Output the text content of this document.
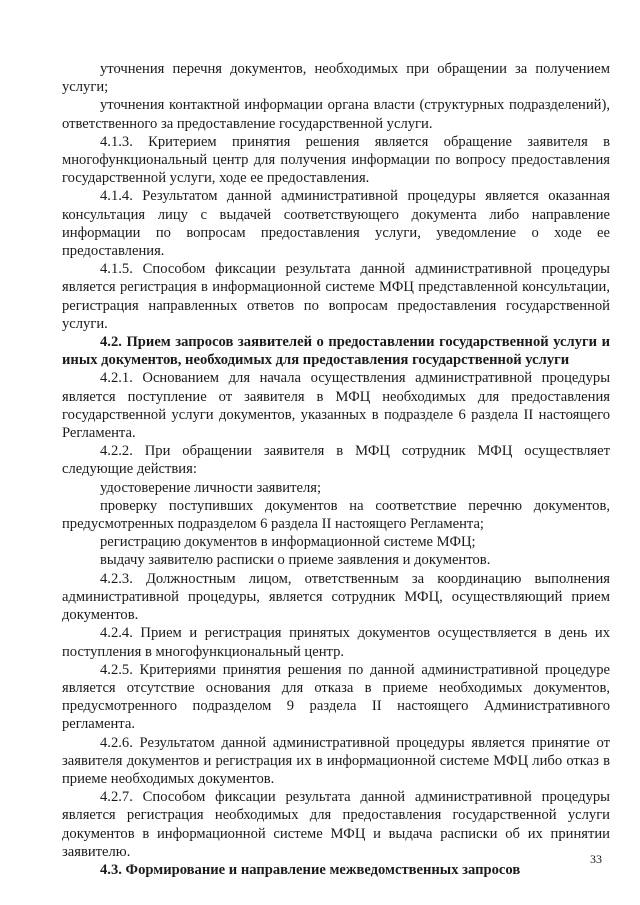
уточнения перечня документов, необходимых при обращении за получением услуги;

уточнения контактной информации органа власти (структурных подразделений), ответственного за предоставление государственной услуги.

4.1.3. Критерием принятия решения является обращение заявителя в многофункциональный центр для получения информации по вопросу предоставления государственной услуги, ходе ее предоставления.

4.1.4. Результатом данной административной процедуры является оказанная консультация лицу с выдачей соответствующего документа либо направление информации по вопросам предоставления услуги, уведомление о ходе ее предоставления.

4.1.5. Способом фиксации результата данной административной процедуры является регистрация в информационной системе МФЦ представленной консультации, регистрация направленных ответов по вопросам предоставления государственной услуги.

4.2. Прием запросов заявителей о предоставлении государственной услуги и иных документов, необходимых для предоставления государственной услуги

4.2.1. Основанием для начала осуществления административной процедуры является поступление от заявителя в МФЦ необходимых для предоставления государственной услуги документов, указанных в подразделе 6 раздела II настоящего Регламента.

4.2.2. При обращении заявителя в МФЦ сотрудник МФЦ осуществляет следующие действия:

удостоверение личности заявителя;

проверку поступивших документов на соответствие перечню документов, предусмотренных подразделом 6 раздела II настоящего Регламента;

регистрацию документов в информационной системе МФЦ;

выдачу заявителю расписки о приеме заявления и документов.

4.2.3. Должностным лицом, ответственным за координацию выполнения административной процедуры, является сотрудник МФЦ, осуществляющий прием документов.

4.2.4. Прием и регистрация принятых документов осуществляется в день их поступления в многофункциональный центр.

4.2.5. Критериями принятия решения по данной административной процедуре является отсутствие основания для отказа в приеме необходимых документов, предусмотренного подразделом 9 раздела II настоящего Административного регламента.

4.2.6. Результатом данной административной процедуры является принятие от заявителя документов и регистрация их в информационной системе МФЦ либо отказ в приеме необходимых документов.

4.2.7. Способом фиксации результата данной административной процедуры является регистрация необходимых для предоставления государственной услуги документов в информационной системе МФЦ и выдача расписки об их принятии заявителю.

4.3. Формирование и направление межведомственных запросов

33
